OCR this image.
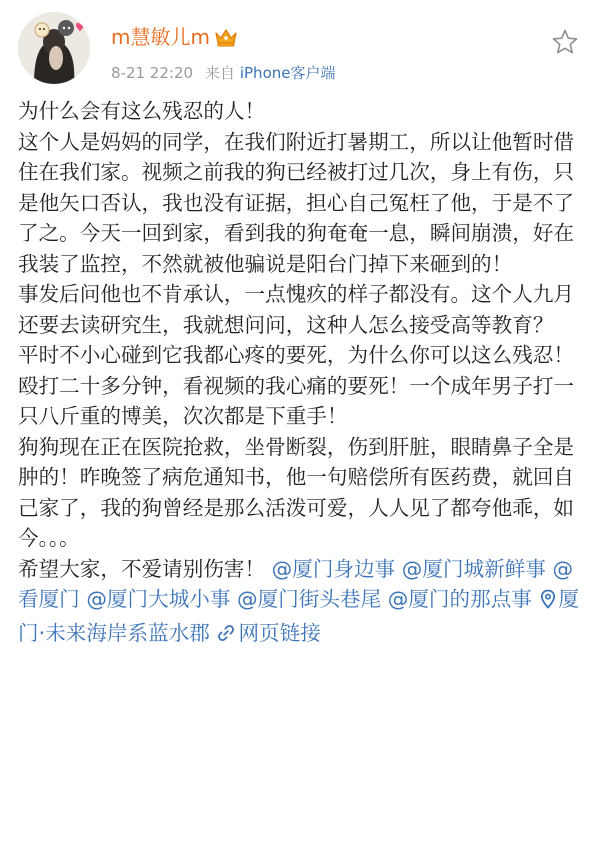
m慧敏儿m
8-21 22:20 来自 iPhone客户端

为什么会有这么残忍的人！

这个人是妈妈的同学，在我们附近打暑期工，所以让他暂时借住在我们家。视频之前我的狗已经被打过几次，身上有伤，只是他矢口否认，我也没有证据，担心自己冤枉了他，于是不了了之。今天一回到家，看到我的狗奄奄一息，瞬间崩溃，好在我装了监控，不然就被他骗说是阳台门掉下来砸到的！

事发后问他也不肯承认，一点愧疚的样子都没有。这个人九月还要去读研究生，我就想问问，这种人怎么接受高等教育？

平时不小心碰到它我都心疼的要死，为什么你可以这么残忍！殴打二十多分钟，看视频的我心痛的要死！一个成年男子打一只八斤重的博美，次次都是下重手！

狗狗现在正在医院抢救，坐骨断裂，伤到肝脏，眼睛鼻子全是肿的！昨晚签了病危通知书，他一句赔偿所有医药费，就回自己家了，我的狗曾经是那么活泼可爱，人人见了都夸他乖，如今。。。

希望大家，不爱请别伤害！ @厦门身边事 @厦门城新鲜事 @看厦门 @厦门大城小事 @厦门街头巷尾 @厦门的那点事 厦门·未来海岸系蓝水郡 网页链接
